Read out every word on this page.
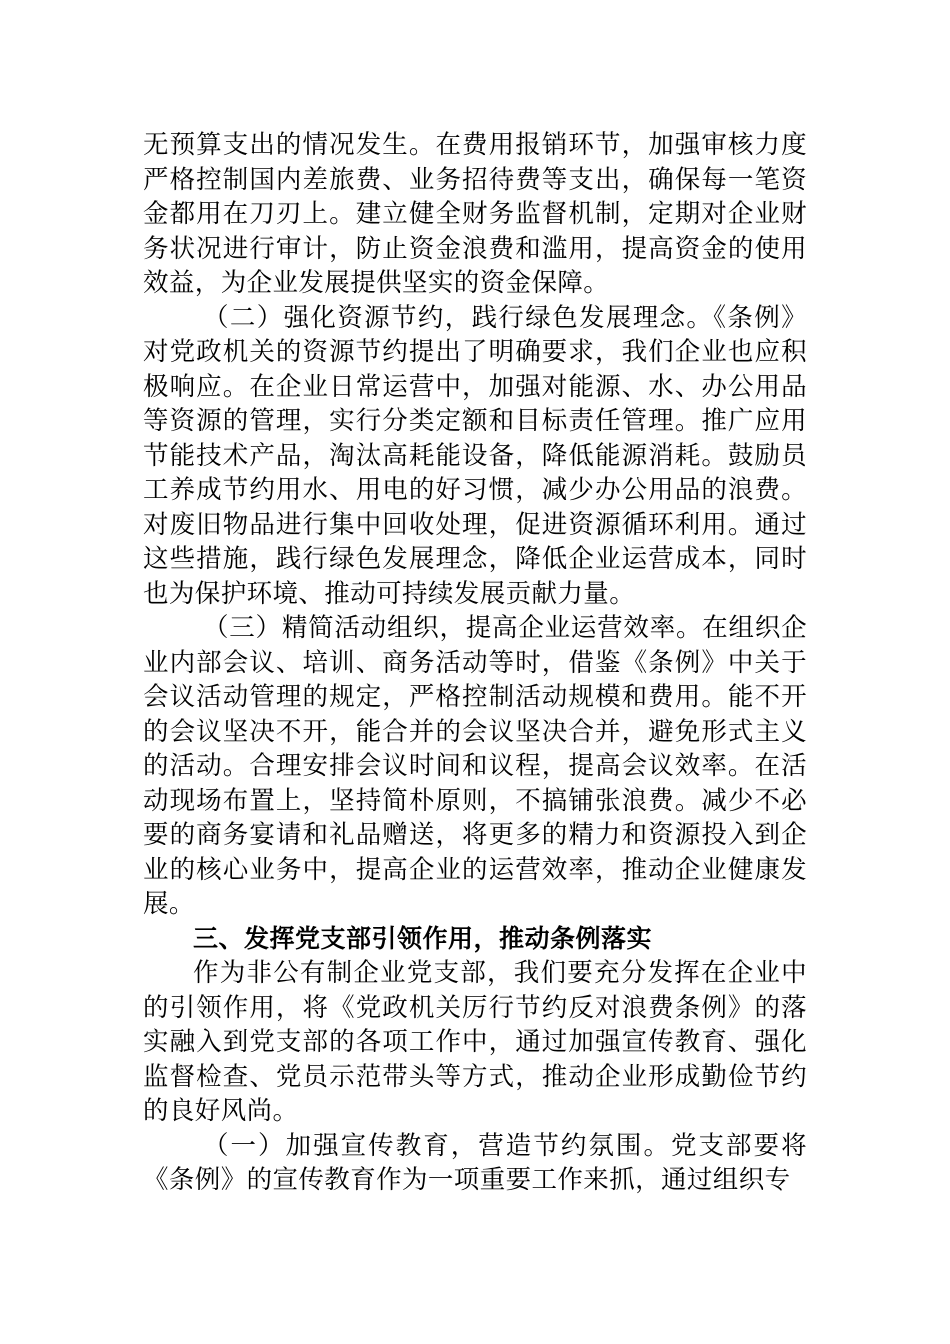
无预算支出的情况发生。在费用报销环节，加强审核力度严格控制国内差旅费、业务招待费等支出，确保每一笔资金都用在刀刃上。建立健全财务监督机制，定期对企业财务状况进行审计，防止资金浪费和滥用，提高资金的使用效益，为企业发展提供坚实的资金保障。

（二）强化资源节约，践行绿色发展理念。《条例》对党政机关的资源节约提出了明确要求，我们企业也应积极响应。在企业日常运营中，加强对能源、水、办公用品等资源的管理，实行分类定额和目标责任管理。推广应用节能技术产品，淘汰高耗能设备，降低能源消耗。鼓励员工养成节约用水、用电的好习惯，减少办公用品的浪费。对废旧物品进行集中回收处理，促进资源循环利用。通过这些措施，践行绿色发展理念，降低企业运营成本，同时也为保护环境、推动可持续发展贡献力量。

（三）精简活动组织，提高企业运营效率。在组织企业内部会议、培训、商务活动等时，借鉴《条例》中关于会议活动管理的规定，严格控制活动规模和费用。能不开的会议坚决不开，能合并的会议坚决合并，避免形式主义的活动。合理安排会议时间和议程，提高会议效率。在活动现场布置上，坚持简朴原则，不搞铺张浪费。减少不必要的商务宴请和礼品赠送，将更多的精力和资源投入到企业的核心业务中，提高企业的运营效率，推动企业健康发展。

三、发挥党支部引领作用，推动条例落实

作为非公有制企业党支部，我们要充分发挥在企业中的引领作用，将《党政机关厉行节约反对浪费条例》的落实融入到党支部的各项工作中，通过加强宣传教育、强化监督检查、党员示范带头等方式，推动企业形成勤俭节约的良好风尚。

（一）加强宣传教育，营造节约氛围。党支部要将《条例》的宣传教育作为一项重要工作来抓，通过组织专
